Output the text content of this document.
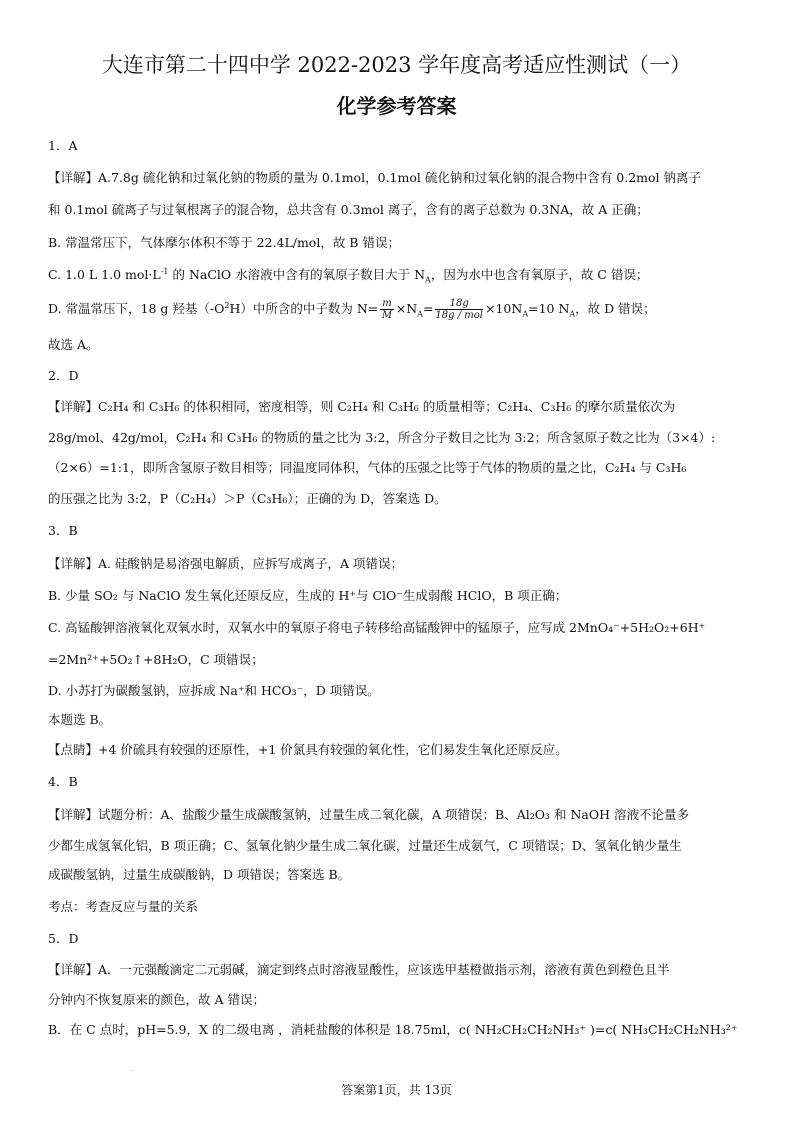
大连市第二十四中学 2022-2023 学年度高考适应性测试（一）
化学参考答案
1．A
【详解】A.7.8g 硫化钠和过氧化钠的物质的量为 0.1mol，0.1mol 硫化钠和过氧化钠的混合物中含有 0.2mol 钠离子
和 0.1mol 硫离子与过氧根离子的混合物，总共含有 0.3mol 离子，含有的离子总数为 0.3NA，故 A 正确；
B. 常温常压下，气体摩尔体积不等于 22.4L/mol，故 B 错误；
C. 1.0 L 1.0 $mol\cdot L^{-1}$ 的 NaClO 水溶液中含有的氧原子数目大于 $N_A$，因为水中也含有氧原子，故 C 错误；
D. 常温常压下，18 g 羟基$(-O^2H)$中所含的中子数为 $N= \frac{m}{M} \times N_A= \frac{18g}{\text{18g / mol}} \times 10N_A=10$ $N_A$，故 D 错误；
故选 A。
2．D
【详解】C₂H₄ 和 C₃H₆ 的体积相同，密度相等，则 C₂H₄ 和 C₃H₆ 的质量相等；C₂H₄、C₃H₆ 的摩尔质量依次为
28g/mol、42g/mol，C₂H₄ 和 C₃H₆ 的物质的量之比为 3:2，所含分子数目之比为 3:2；所含氢原子数之比为（3×4）:
（2×6）=1:1，即所含氢原子数目相等；同温度同体积，气体的压强之比等于气体的物质的量之比，C₂H₄ 与 C₃H₆
的压强之比为 3:2，P（C₂H₄）＞P（C₃H₆）；正确的为 D，答案选 D。
3．B
【详解】A. 硅酸钠是易溶强电解质，应拆写成离子，A 项错误；
B. 少量 SO₂ 与 NaClO 发生氧化还原反应，生成的 H⁺与 ClO⁻生成弱酸 HClO，B 项正确；
C. 高锰酸钾溶液氧化双氧水时，双氧水中的氧原子将电子转移给高锰酸钾中的锰原子，应写成 2MnO₄⁻+5H₂O₂+6H⁺
=2Mn²⁺+5O₂↑+8H₂O，C 项错误；
D. 小苏打为碳酸氢钠，应拆成 Na⁺和 HCO₃⁻，D 项错误。
本题选 B。
【点睛】+4 价硫具有较强的还原性，+1 价氯具有较强的氧化性，它们易发生氧化还原反应。
4．B
【详解】试题分析：A、盐酸少量生成碳酸氢钠，过量生成二氧化碳，A 项错误；B、Al₂O₃ 和 NaOH 溶液不论量多
少都生成氢氧化铝，B 项正确；C、氢氧化钠少量生成二氧化碳，过量还生成氨气，C 项错误；D、氢氧化钠少量生
成碳酸氢钠，过量生成碳酸钠，D 项错误；答案选 B。
考点：考查反应与量的关系
5．D
【详解】A．一元强酸滴定二元弱碱，滴定到终点时溶液显酸性，应该选甲基橙做指示剂，溶液有黄色到橙色且半
分钟内不恢复原来的颜色，故 A 错误；
B．在 C 点时，pH=5.9，X 的二级电离 ，消耗盐酸的体积是 18.75ml，c( NH₂CH₂CH₂NH₃⁺ )=c( NH₃CH₂CH₂NH₃²⁺
.
答案第1页，共 13页
